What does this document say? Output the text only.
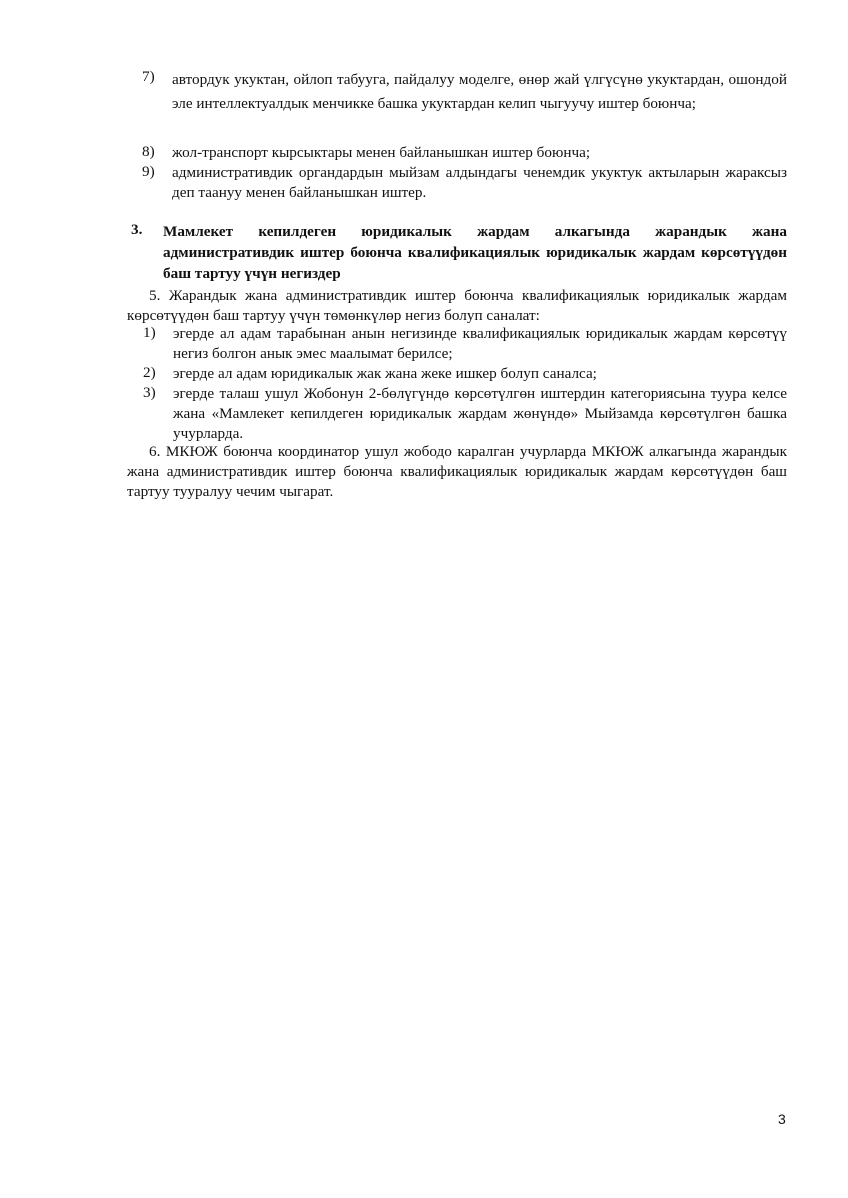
7)	автордук укуктан, ойлоп табууга, пайдалуу моделге, өнөр жай үлгүсүнө укуктардан, ошондой эле интеллектуалдык менчикке башка укуктардан келип чыгуучу иштер боюнча;
8)	жол-транспорт кырсыктары менен байланышкан иштер боюнча;
9)	административдик органдардын мыйзам алдындагы ченемдик укуктук актыларын жараксыз деп таануу менен байланышкан иштер.
3.	Мамлекет кепилдеген юридикалык жардам алкагында жарандык жана административдик иштер боюнча квалификациялык юридикалык жардам көрсөтүүдөн баш тартуу үчүн негиздер
5. Жарандык жана административдик иштер боюнча квалификациялык юридикалык жардам көрсөтүүдөн баш тартуу үчүн төмөнкүлөр негиз болуп саналат:
1)	эгерде ал адам тарабынан анын негизинде квалификациялык юридикалык жардам көрсөтүү негиз болгон анык эмес маалымат берилсе;
2)	эгерде ал адам юридикалык жак жана жеке ишкер болуп саналса;
3)	эгерде талаш ушул Жобонун 2-бөлүгүндө көрсөтүлгөн иштердин категориясына туура келсе жана «Мамлекет кепилдеген юридикалык жардам жөнүндө» Мыйзамда көрсөтүлгөн башка учурларда.
6. МКЮЖ боюнча координатор ушул жободо каралган учурларда МКЮЖ алкагында жарандык жана административдик иштер боюнча квалификациялык юридикалык жардам көрсөтүүдөн баш тартуу тууралуу чечим чыгарат.
3
